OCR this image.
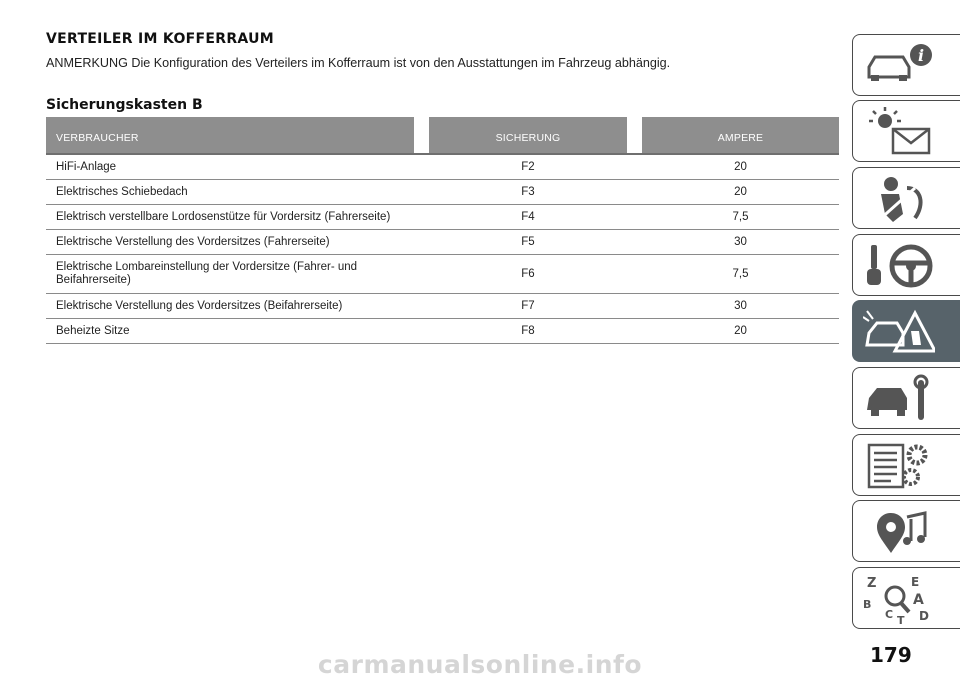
VERTEILER IM KOFFERRAUM

ANMERKUNG Die Konfiguration des Verteilers im Kofferraum ist von den Ausstattungen im Fahrzeug abhängig.

Sicherungskasten B
VERBRAUCHER		SICHERUNG		AMPERE
HiFi-Anlage		F2		20
Elektrisches Schiebedach		F3		20
Elektrisch verstellbare Lordosenstütze für Vordersitz (Fahrerseite)		F4		7,5
Elektrische Verstellung des Vordersitzes (Fahrerseite)		F5		30
Elektrische Lombareinstellung der Vordersitze (Fahrer- und Beifahrerseite)		F6		7,5
Elektrische Verstellung des Vordersitzes (Beifahrerseite)		F7		30
Beheizte Sitze		F8		20
i
Z	E
B	A
C D
T
179
carmanualsonline.info
